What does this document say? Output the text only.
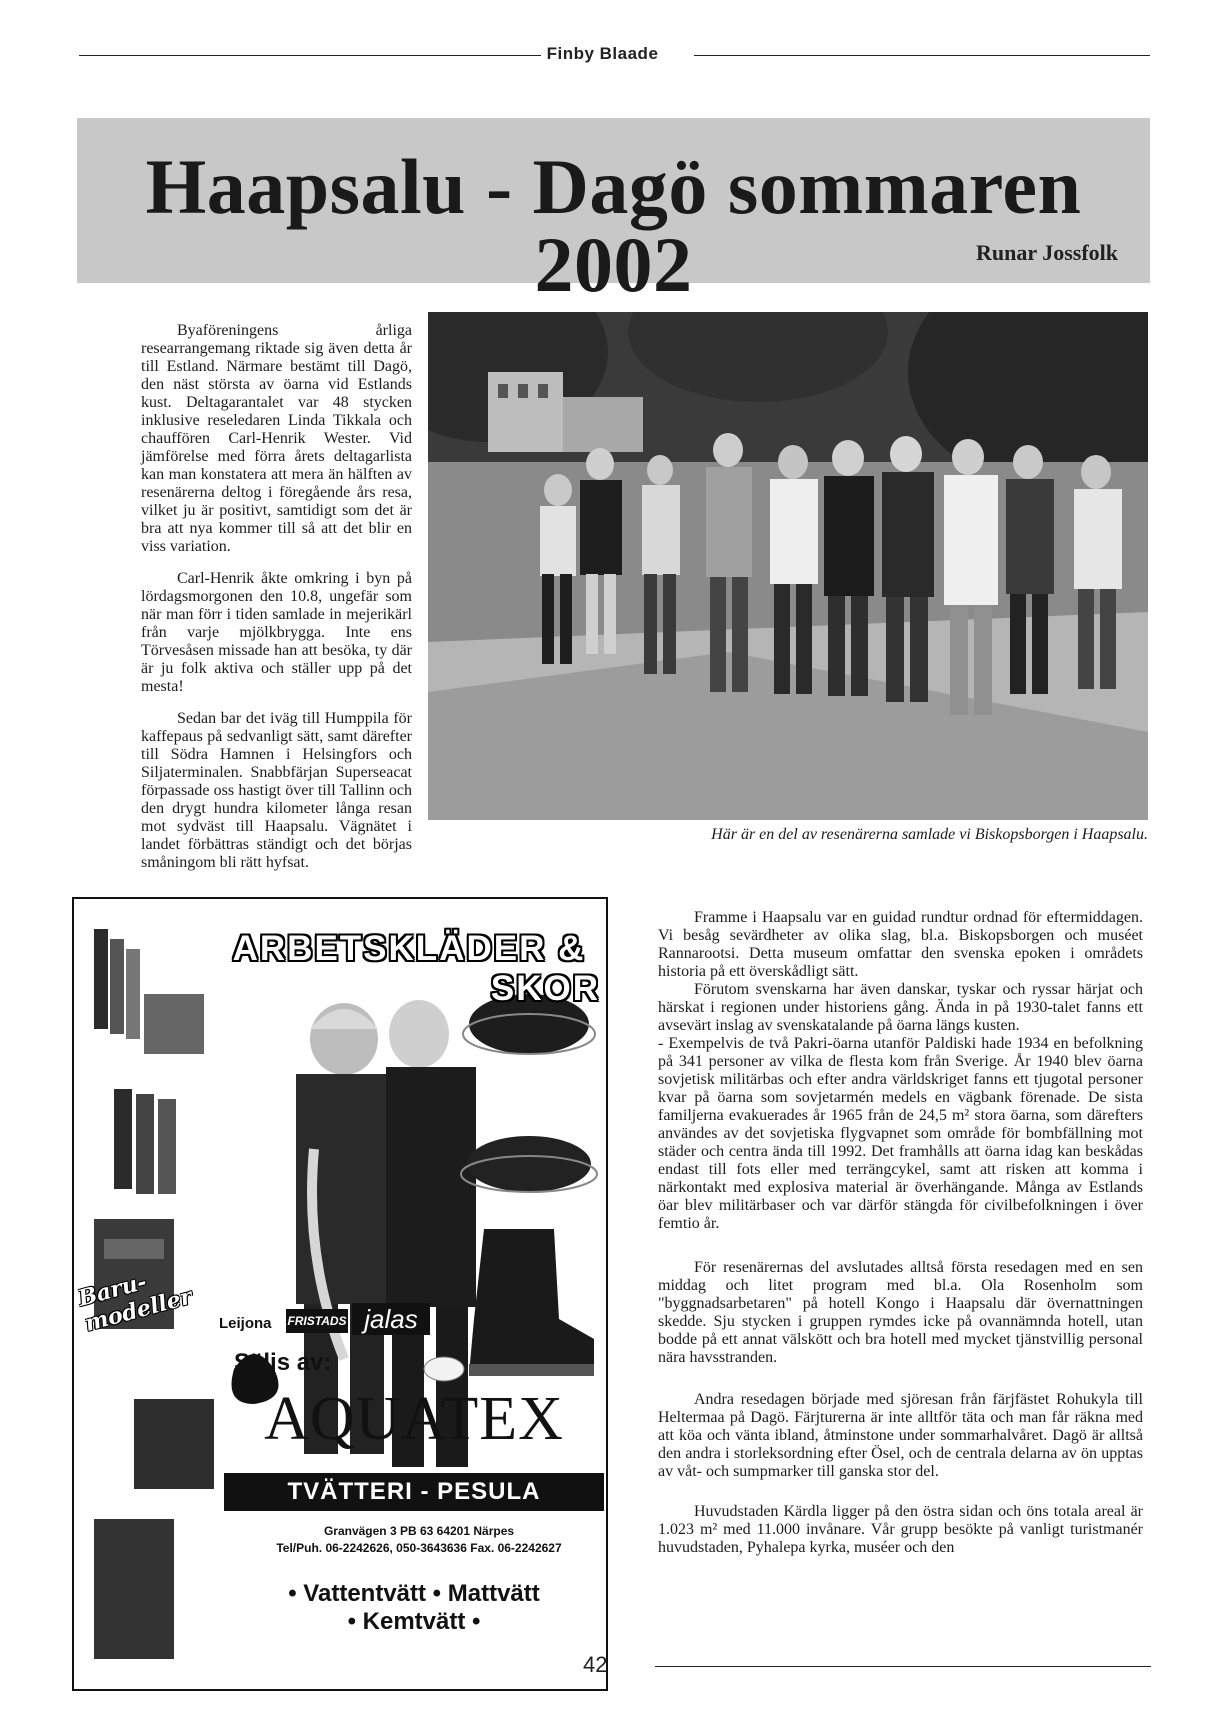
Finby Blaade
Haapsalu - Dagö sommaren 2002	Runar Jossfolk

Byaföreningens årliga researrangemang riktade sig även detta år till Estland. Närmare bestämt till Dagö, den näst största av öarna vid Estlands kust. Deltagarantalet var 48 stycken inklusive reseledaren Linda Tikkala och chauffören Carl-Henrik Wester. Vid jämförelse med förra årets deltagarlista kan man konstatera att mera än hälften av resenärerna deltog i föregående års resa, vilket ju är positivt, samtidigt som det är bra att nya kommer till så att det blir en viss variation.

Carl-Henrik åkte omkring i byn på lördagsmorgonen den 10.8, ungefär som när man förr i tiden samlade in mejerikärl från varje mjölkbrygga. Inte ens Törvesåsen missade han att besöka, ty där är ju folk aktiva och ställer upp på det mesta!

Sedan bar det iväg till Humppila för kaffepaus på sedvanligt sätt, samt därefter till Södra Hamnen i Helsingfors och Siljaterminalen. Snabbfärjan Superseacat förpassade oss hastigt över till Tallinn och den drygt hundra kilometer långa resan mot sydväst till Haapsalu. Vägnätet i landet förbättras ständigt och det börjas småningom bli rätt hyfsat.

Här är en del av resenärerna samlade vi Biskopsborgen i Haapsalu.
ARBETSKLÄDER &
SKOR
Baru-modeller	Leijona FRISTADS jalas
Säljs av:
AQUATEX
TVÄTTERI - PESULA
Granvägen 3 PB 63 64201 Närpes
Tel/Puh. 06-2242626, 050-3643636 Fax. 06-2242627
• Vattentvätt • Mattvätt
• Kemtvätt •

Framme i Haapsalu var en guidad rundtur ordnad för eftermiddagen. Vi besåg sevärdheter av olika slag, bl.a. Biskopsborgen och muséet Rannarootsi. Detta museum omfattar den svenska epoken i områdets historia på ett överskådligt sätt.

Förutom svenskarna har även danskar, tyskar och ryssar härjat och härskat i regionen under historiens gång. Ända in på 1930-talet fanns ett avsevärt inslag av svenskatalande på öarna längs kusten.

- Exempelvis de två Pakri-öarna utanför Paldiski hade 1934 en befolkning på 341 personer av vilka de flesta kom från Sverige. År 1940 blev öarna sovjetisk militärbas och efter andra världskriget fanns ett tjugotal personer kvar på öarna som sovjetarmén medels en vägbank förenade. De sista familjerna evakuerades år 1965 från de 24,5 m² stora öarna, som därefters användes av det sovjetiska flygvapnet som område för bombfällning mot städer och centra ända till 1992. Det framhålls att öarna idag kan beskådas endast till fots eller med terrängcykel, samt att risken att komma i närkontakt med explosiva material är överhängande. Många av Estlands öar blev militärbaser och var därför stängda för civilbefolkningen i över femtio år.

För resenärernas del avslutades alltså första resedagen med en sen middag och litet program med bl.a. Ola Rosenholm som "byggnadsarbetaren" på hotell Kongo i Haapsalu där övernattningen skedde. Sju stycken i gruppen rymdes icke på ovannämnda hotell, utan bodde på ett annat välskött och bra hotell med mycket tjänstvillig personal nära havsstranden.

Andra resedagen började med sjöresan från färjfästet Rohukyla till Heltermaa på Dagö. Färjturerna är inte alltför täta och man får räkna med att köa och vänta ibland, åtminstone under sommarhalvåret. Dagö är alltså den andra i storleksordning efter Ösel, och de centrala delarna av ön upptas av våt- och sumpmarker till ganska stor del.

Huvudstaden Kärdla ligger på den östra sidan och öns totala areal är 1.023 m² med 11.000 invånare. Vår grupp besökte på vanligt turistmanér huvudstaden, Pyhalepa kyrka, muséer och den

42
